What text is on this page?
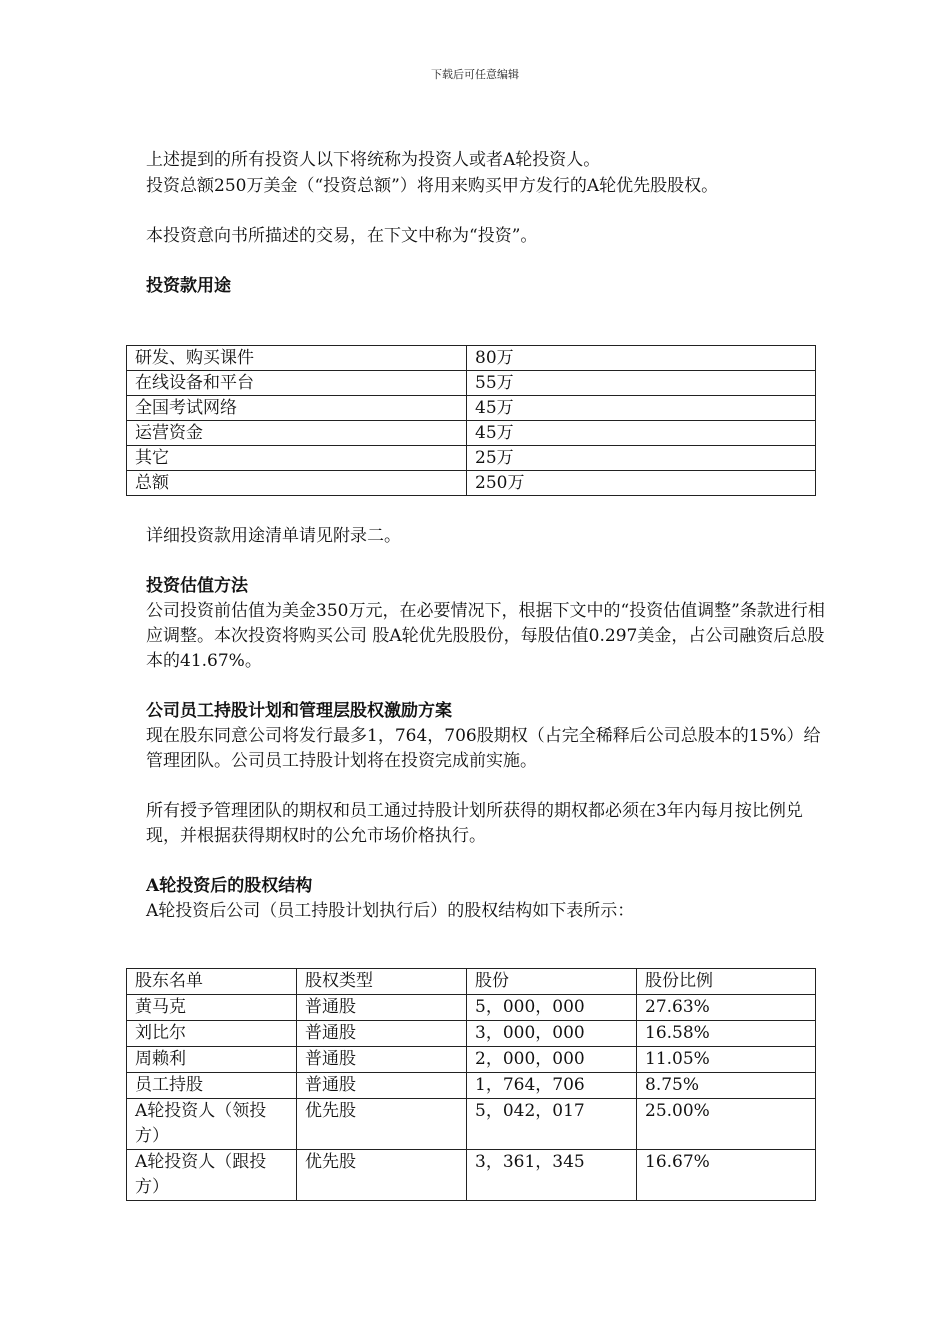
下载后可任意编辑

上述提到的所有投资人以下将统称为投资人或者A轮投资人。

投资总额250万美金（“投资总额”）将用来购买甲方发行的A轮优先股股权。

本投资意向书所描述的交易，在下文中称为“投资”。

投资款用途

研发、购买课件	80万
在线设备和平台	55万
全国考试网络	45万
运营资金	45万
其它	25万
总额	250万

详细投资款用途清单请见附录二。

投资估值方法

公司投资前估值为美金350万元，在必要情况下，根据下文中的“投资估值调整”条款进行相应调整。本次投资将购买公司 股A轮优先股股份，每股估值0.297美金，占公司融资后总股本的41.67%。

公司员工持股计划和管理层股权激励方案

现在股东同意公司将发行最多1，764，706股期权（占完全稀释后公司总股本的15%）给管理团队。公司员工持股计划将在投资完成前实施。

所有授予管理团队的期权和员工通过持股计划所获得的期权都必须在3年内每月按比例兑现，并根据获得期权时的公允市场价格执行。

A轮投资后的股权结构

A轮投资后公司（员工持股计划执行后）的股权结构如下表所示：

股东名单	股权类型	股份	股份比例
黄马克	普通股	5，000，000	27.63%
刘比尔	普通股	3，000，000	16.58%
周赖利	普通股	2，000，000	11.05%
员工持股	普通股	1，764，706	8.75%
A轮投资人（领投方）	优先股	5，042，017	25.00%
A轮投资人（跟投方）	优先股	3，361，345	16.67%
